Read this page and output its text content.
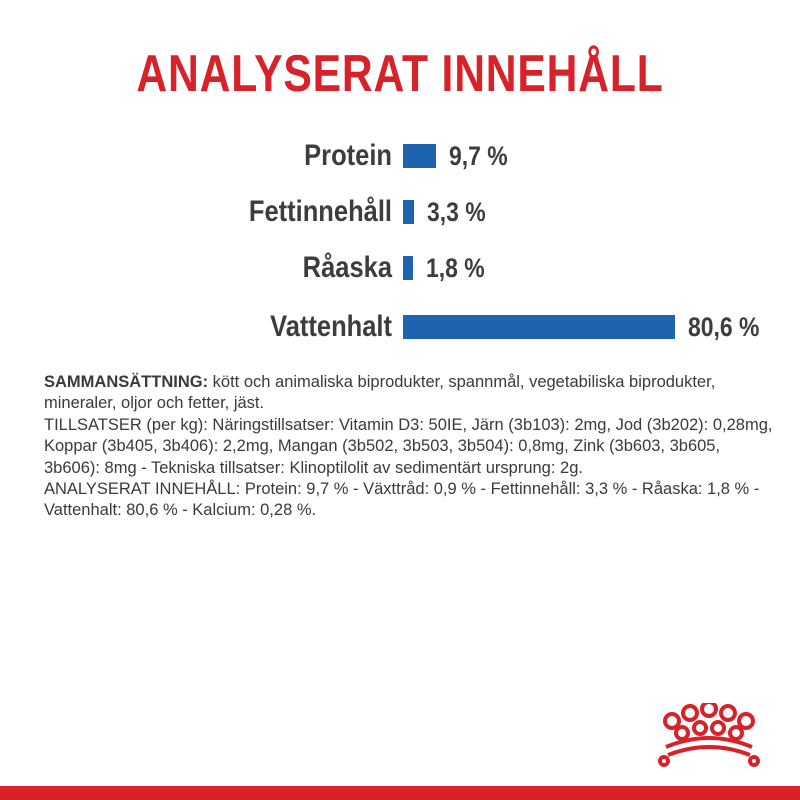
ANALYSERAT INNEHÅLL
Protein 9,7 %
Fettinnehåll 3,3 %
Råaska 1,8 %
Vattenhalt	80,6 %

SAMMANSÄTTNING: kött och animaliska biprodukter, spannmål, vegetabiliska biprodukter, mineraler, oljor och fetter, jäst.

TILLSATSER (per kg): Näringstillsatser: Vitamin D3: 50IE, Järn (3b103): 2mg, Jod (3b202): 0,28mg, Koppar (3b405, 3b406): 2,2mg, Mangan (3b502, 3b503, 3b504): 0,8mg, Zink (3b603, 3b605, 3b606): 8mg - Tekniska tillsatser: Klinoptilolit av sedimentärt ursprung: 2g.

ANALYSERAT INNEHÅLL: Protein: 9,7 % - Växttråd: 0,9 % - Fettinnehåll: 3,3 % - Råaska: 1,8 % - Vattenhalt: 80,6 % - Kalcium: 0,28 %.
